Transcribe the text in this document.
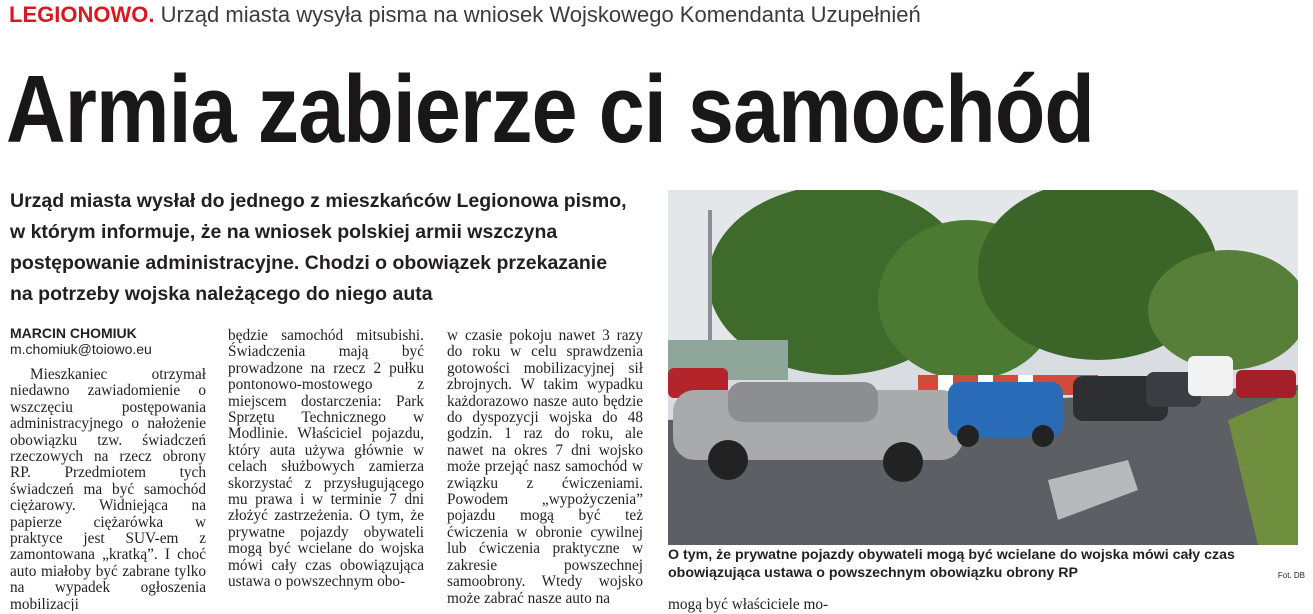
LEGIONOWO. Urząd miasta wysyła pisma na wniosek Wojskowego Komendanta Uzupełnień
Armia zabierze ci samochód

Urząd miasta wysłał do jednego z mieszkańców Legionowa pismo,

w którym informuje, że na wniosek polskiej armii wszczyna

postępowanie administracyjne. Chodzi o obowiązek przekazanie

na potrzeby wojska należącego do niego auta

MARCIN CHOMIUK
m.chomiuk@toiowo.eu

Mieszkaniec otrzymał niedawno zawiadomienie o wszczęciu postępowania administracyjnego o nałożenie obowiązku tzw. świadczeń rzeczowych na rzecz obrony RP. Przedmiotem tych świadczeń ma być samochód ciężarowy. Widniejąca na papierze ciężarówka w praktyce jest SUV-em z zamontowana „kratką”. I choć auto miałoby być zabrane tylko na wypadek ogłoszenia mobilizacji

będzie samochód mitsubishi. Świadczenia mają być prowadzone na rzecz 2 pułku pontonowo-mostowego z miejscem dostarczenia: Park Sprzętu Technicznego w Modlinie. Właściciel pojazdu, który auta używa głównie w celach służbowych zamierza skorzystać z przysługującego mu prawa i w terminie 7 dni złożyć zastrzeżenia. O tym, że prywatne pojazdy obywateli mogą być wcielane do wojska mówi cały czas obowiązująca ustawa o powszechnym obo-

w czasie pokoju nawet 3 razy do roku w celu sprawdzenia gotowości mobilizacyjnej sił zbrojnych. W takim wypadku każdorazowo nasze auto będzie do dyspozycji wojska do 48 godzin. 1 raz do roku, ale nawet na okres 7 dni wojsko może przejąć nasz samochód w związku z ćwiczeniami. Powodem „wypożyczenia” pojazdu mogą być też ćwiczenia w obronie cywilnej lub ćwiczenia praktyczne w zakresie powszechnej samoobrony. Wtedy wojsko może zabrać nasze auto na

O tym, że prywatne pojazdy obywateli mogą być wcielane do wojska mówi cały czas
obowiązująca ustawa o powszechnym obowiązku obrony RP	Fot. DB
mogą być właściciele mo-
